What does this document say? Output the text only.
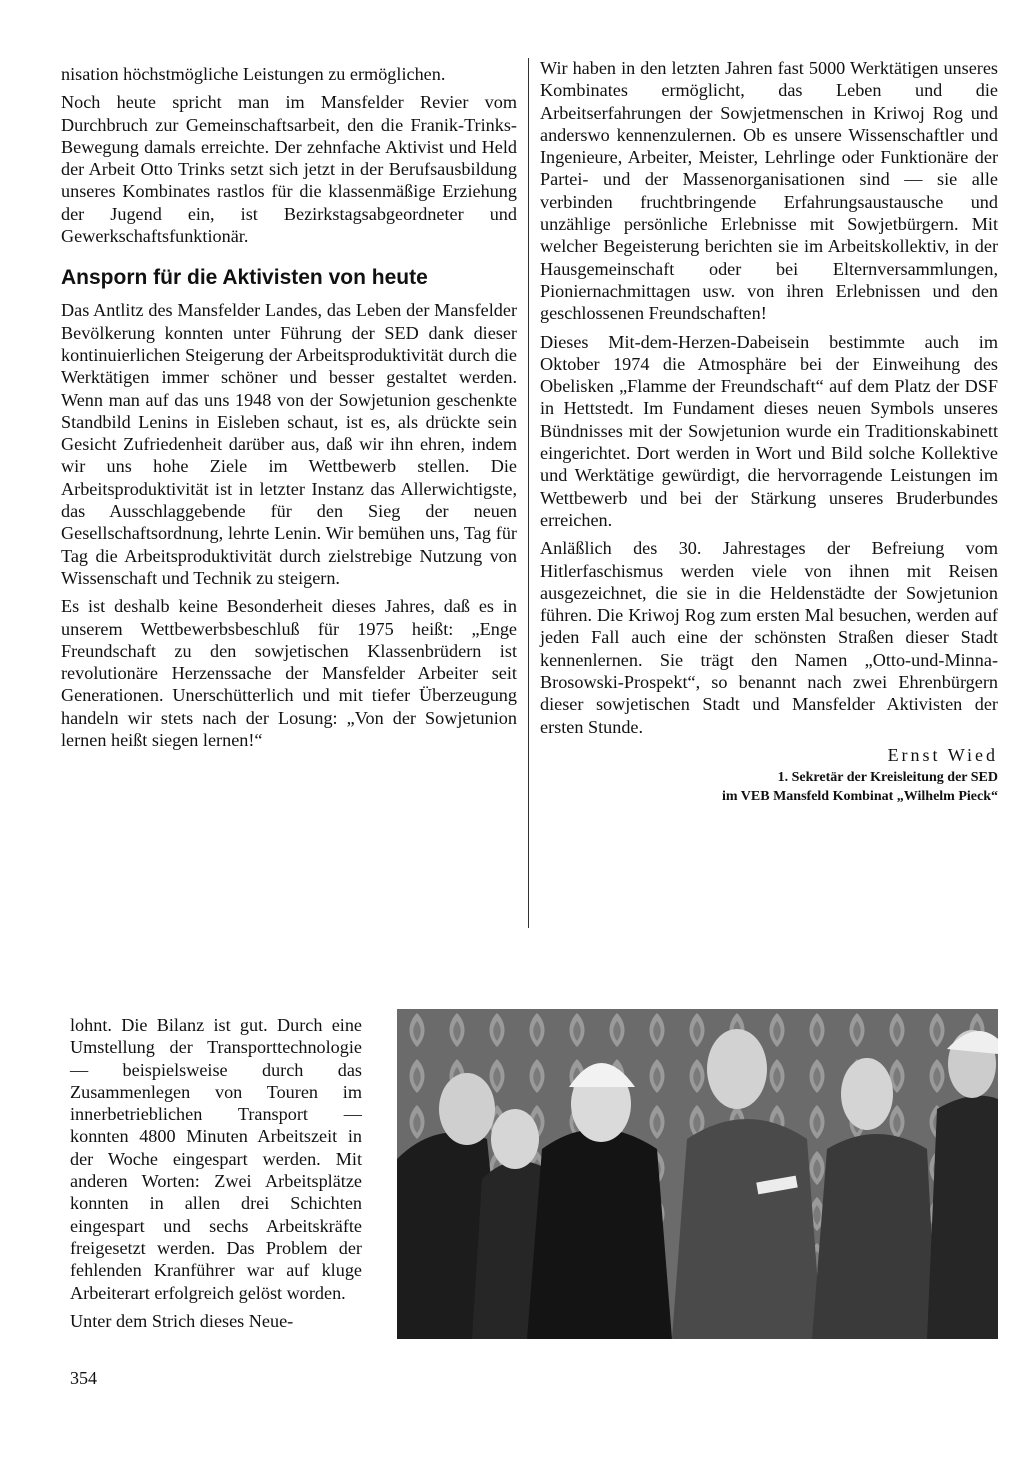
nisation höchstmögliche Leistungen zu ermöglichen.

Noch heute spricht man im Mansfelder Revier vom Durchbruch zur Gemeinschaftsarbeit, den die Franik-Trinks-Bewegung damals erreichte. Der zehnfache Aktivist und Held der Arbeit Otto Trinks setzt sich jetzt in der Berufsausbildung unseres Kombinates rastlos für die klassenmäßige Erziehung der Jugend ein, ist Bezirkstagsabgeordneter und Gewerkschaftsfunktionär.

Ansporn für die Aktivisten von heute

Das Antlitz des Mansfelder Landes, das Leben der Mansfelder Bevölkerung konnten unter Führung der SED dank dieser kontinuierlichen Steigerung der Arbeitsproduktivität durch die Werktätigen immer schöner und besser gestaltet werden. Wenn man auf das uns 1948 von der Sowjetunion geschenkte Standbild Lenins in Eisleben schaut, ist es, als drückte sein Gesicht Zufriedenheit darüber aus, daß wir ihn ehren, indem wir uns hohe Ziele im Wettbewerb stellen. Die Arbeitsproduktivität ist in letzter Instanz das Allerwichtigste, das Ausschlaggebende für den Sieg der neuen Gesellschaftsordnung, lehrte Lenin. Wir bemühen uns, Tag für Tag die Arbeitsproduktivität durch zielstrebige Nutzung von Wissenschaft und Technik zu steigern.

Es ist deshalb keine Besonderheit dieses Jahres, daß es in unserem Wettbewerbsbeschluß für 1975 heißt: „Enge Freundschaft zu den sowjetischen Klassenbrüdern ist revolutionäre Herzenssache der Mansfelder Arbeiter seit Generationen. Unerschütterlich und mit tiefer Überzeugung handeln wir stets nach der Losung: „Von der Sowjetunion lernen heißt siegen lernen!“

Wir haben in den letzten Jahren fast 5000 Werktätigen unseres Kombinates ermöglicht, das Leben und die Arbeitserfahrungen der Sowjetmenschen in Kriwoj Rog und anderswo kennenzulernen. Ob es unsere Wissenschaftler und Ingenieure, Arbeiter, Meister, Lehrlinge oder Funktionäre der Partei- und der Massenorganisationen sind — sie alle verbinden fruchtbringende Erfahrungsaustausche und unzählige persönliche Erlebnisse mit Sowjetbürgern. Mit welcher Begeisterung berichten sie im Arbeitskollektiv, in der Hausgemeinschaft oder bei Elternversammlungen, Pioniernachmittagen usw. von ihren Erlebnissen und den geschlossenen Freundschaften!

Dieses Mit-dem-Herzen-Dabeisein bestimmte auch im Oktober 1974 die Atmosphäre bei der Einweihung des Obelisken „Flamme der Freundschaft“ auf dem Platz der DSF in Hettstedt. Im Fundament dieses neuen Symbols unseres Bündnisses mit der Sowjetunion wurde ein Traditionskabinett eingerichtet. Dort werden in Wort und Bild solche Kollektive und Werktätige gewürdigt, die hervorragende Leistungen im Wettbewerb und bei der Stärkung unseres Bruderbundes erreichen.

Anläßlich des 30. Jahrestages der Befreiung vom Hitlerfaschismus werden viele von ihnen mit Reisen ausgezeichnet, die sie in die Heldenstädte der Sowjetunion führen. Die Kriwoj Rog zum ersten Mal besuchen, werden auf jeden Fall auch eine der schönsten Straßen dieser Stadt kennenlernen. Sie trägt den Namen „Otto-und-Minna-Brosowski-Prospekt“, so benannt nach zwei Ehrenbürgern dieser sowjetischen Stadt und Mansfelder Aktivisten der ersten Stunde.

Ernst Wied

1. Sekretär der Kreisleitung der SED

im VEB Mansfeld Kombinat „Wilhelm Pieck“

lohnt. Die Bilanz ist gut. Durch eine Umstellung der Transporttechnologie — beispielsweise durch das Zusammenlegen von Touren im innerbetrieblichen Transport — konnten 4800 Minuten Arbeitszeit in der Woche eingespart werden. Mit anderen Worten: Zwei Arbeitsplätze konnten in allen drei Schichten eingespart und sechs Arbeitskräfte freigesetzt werden. Das Problem der fehlenden Kranführer war auf kluge Arbeiterart erfolgreich gelöst worden.

Unter dem Strich dieses Neue-

354
